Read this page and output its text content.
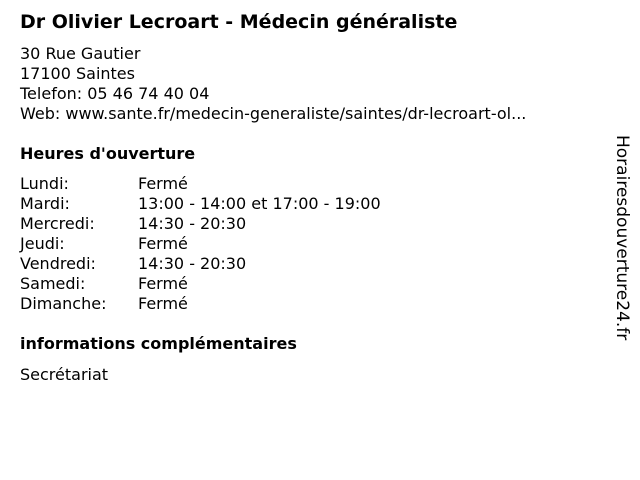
Dr Olivier Lecroart - Médecin généraliste
30 Rue Gautier
17100 Saintes
Telefon: 05 46 74 40 04
Web: www.sante.fr/medecin-generaliste/saintes/dr-lecroart-ol...
Heures d'ouverture
Lundi:	Fermé
Mardi:	13:00 - 14:00 et 17:00 - 19:00
Mercredi:	14:30 - 20:30
Jeudi:	Fermé
Vendredi:	14:30 - 20:30
Samedi:	Fermé
Dimanche: Fermé
informations complémentaires
Secrétariat
Horairesdouverture24.fr
